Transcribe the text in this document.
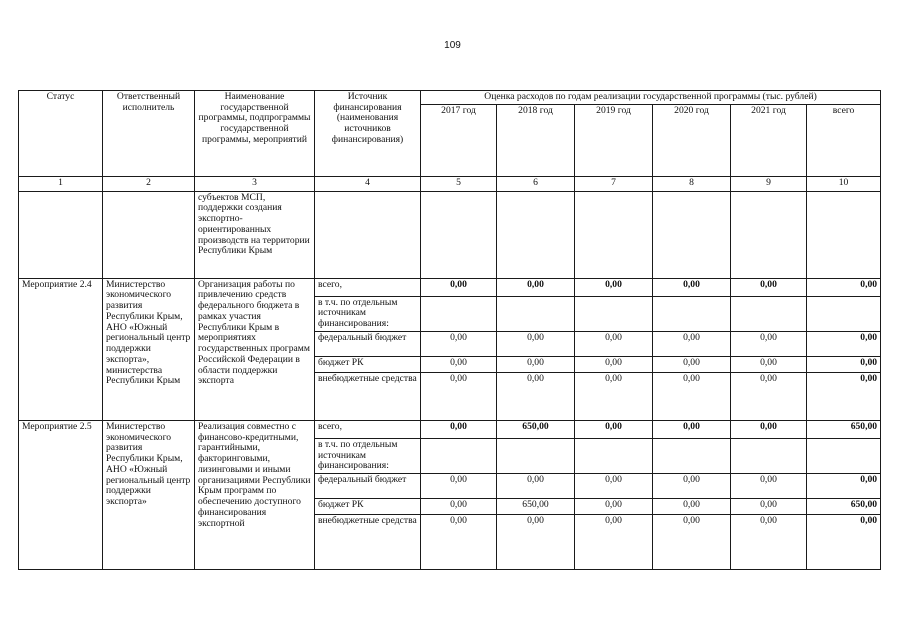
109
Статус	Ответственный исполнитель	Наименование государственной программы, подпрограммы государственной программы, мероприятий	Источник финансирования (наименования источников финансирования)	Оценка расходов по годам реализации государственной программы (тыс. рублей)					
				2017 год	2018 год	2019 год	2020 год	2021 год	всего
1	2	3	4	5	6	7	8	9	10
		субъектов МСП, поддержки создания экспортно-ориентированных производств на территории Республики Крым							
Мероприятие 2.4	Министерство экономического развития Республики Крым, АНО «Южный региональный центр поддержки экспорта», министерства Республики Крым	Организация работы по привлечению средств федерального бюджета в рамках участия Республики Крым в мероприятиях государственных программ Российской Федерации в области поддержки экспорта	всего,	0,00	0,00	0,00	0,00	0,00	0,00
			в т.ч. по отдельным источникам финансирования:						
			федеральный бюджет	0,00	0,00	0,00	0,00	0,00	0,00
			бюджет РК	0,00	0,00	0,00	0,00	0,00	0,00
			внебюджетные средства	0,00	0,00	0,00	0,00	0,00	0,00
Мероприятие 2.5	Министерство экономического развития Республики Крым, АНО «Южный региональный центр поддержки экспорта»	Реализация совместно с финансово-кредитными, гарантийными, факторинговыми, лизинговыми и иными организациями Республики Крым программ по обеспечению доступного финансирования экспортной	всего,	0,00	650,00	0,00	0,00	0,00	650,00
			в т.ч. по отдельным источникам финансирования:						
			федеральный бюджет	0,00	0,00	0,00	0,00	0,00	0,00
			бюджет РК	0,00	650,00	0,00	0,00	0,00	650,00
			внебюджетные средства	0,00	0,00	0,00	0,00	0,00	0,00
